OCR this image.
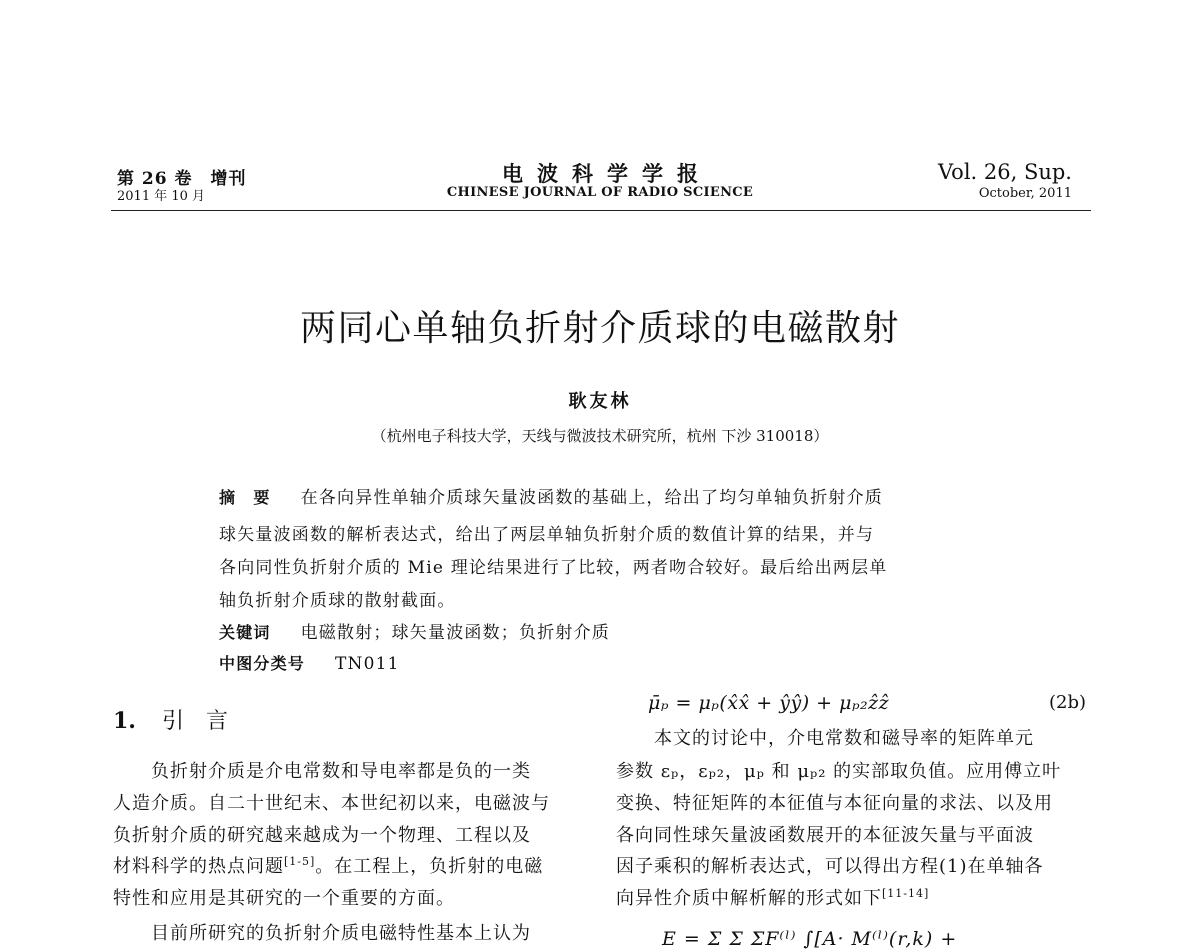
第 26 卷　增刊
2011 年 10 月
电波科学学报
CHINESE JOURNAL OF RADIO SCIENCE
Vol. 26, Sup.
October, 2011
两同心单轴负折射介质球的电磁散射
耿友林
（杭州电子科技大学，天线与微波技术研究所，杭州 下沙 310018）
摘　要 在各向异性单轴介质球矢量波函数的基础上，给出了均匀单轴负折射介质
球矢量波函数的解析表达式，给出了两层单轴负折射介质的数值计算的结果，并与
各向同性负折射介质的 Mie 理论结果进行了比较，两者吻合较好。最后给出两层单
轴负折射介质球的散射截面。
关键词 电磁散射；球矢量波函数；负折射介质
中图分类号 TN011
1. 引　言
　　负折射介质是介电常数和导电率都是负的一类
人造介质。自二十世纪末、本世纪初以来，电磁波与
负折射介质的研究越来越成为一个物理、工程以及
材料科学的热点问题[1-5]。在工程上，负折射的电磁
特性和应用是其研究的一个重要的方面。
　　目前所研究的负折射介质电磁特性基本上认为
μ̄ₚ = μₚ(x̂x̂ + ŷŷ) + μₚ₂ẑẑ	(2b)
　　本文的讨论中，介电常数和磁导率的矩阵单元
参数 εₚ，εₚ₂，μₚ 和 μₚ₂ 的实部取负值。应用傅立叶
变换、特征矩阵的本征值与本征向量的求法、以及用
各向同性球矢量波函数展开的本征波矢量与平面波
因子乘积的解析表达式，可以得出方程(1)在单轴各
向异性介质中解析解的形式如下[11-14]
E = Σ Σ ΣF⁽ˡ⁾ ∫[A· M⁽ˡ⁾(r,k) +
